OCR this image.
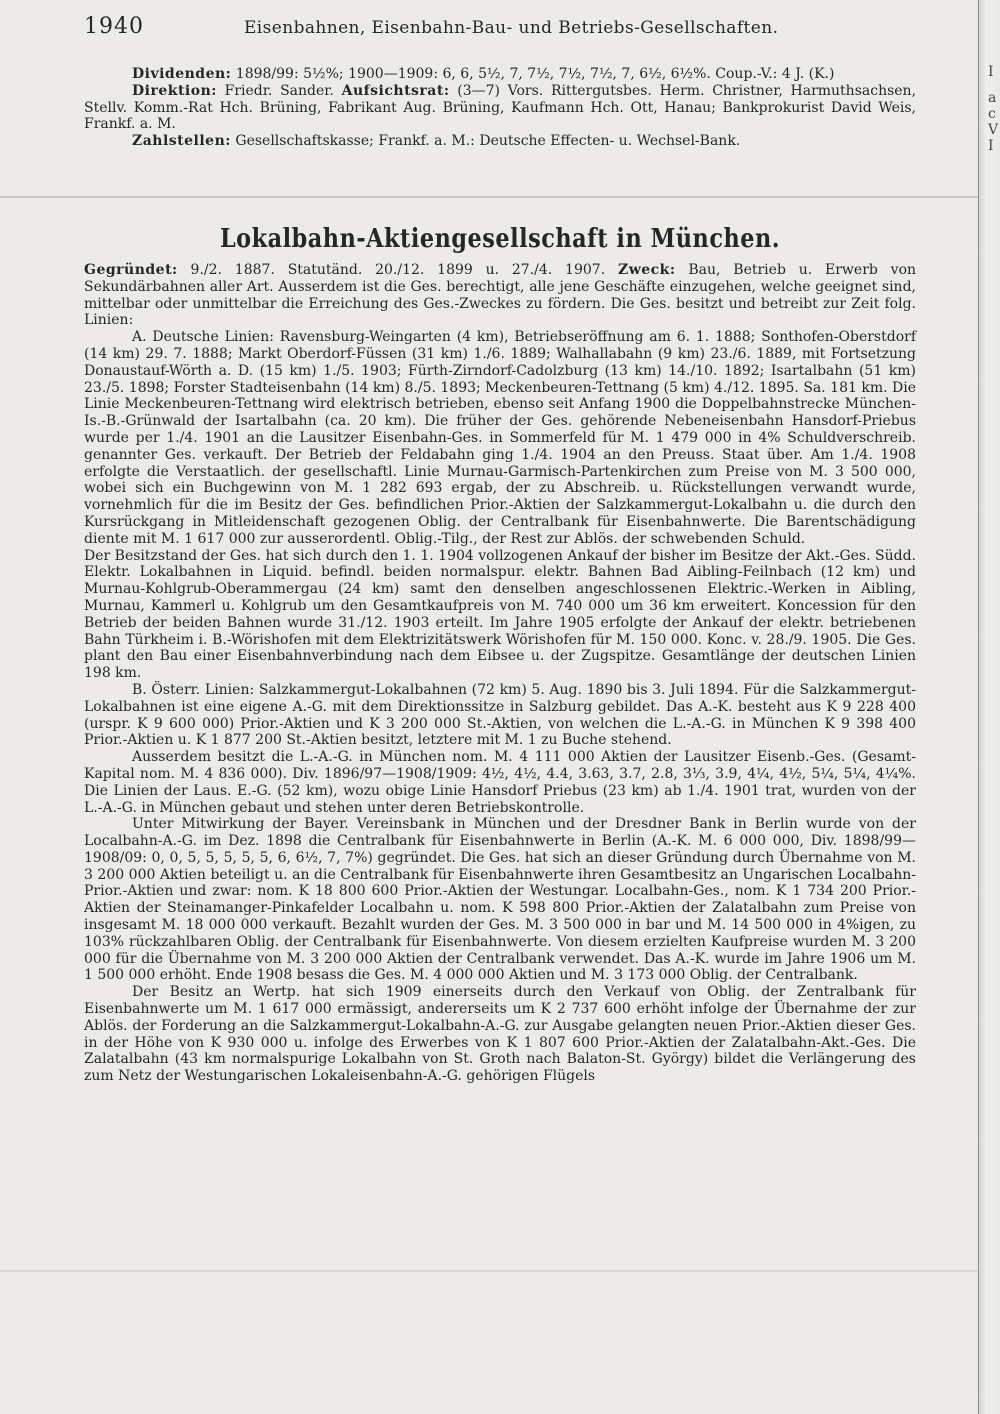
I
a
c
V
I
1940	Eisenbahnen, Eisenbahn-Bau- und Betriebs-Gesellschaften.

Dividenden: 1898/99: 5½%; 1900—1909: 6, 6, 5½, 7, 7½, 7½, 7½, 7, 6½, 6½%. Coup.-V.: 4 J. (K.)

Direktion: Friedr. Sander. Aufsichtsrat: (3—7) Vors. Rittergutsbes. Herm. Christner, Harmuthsachsen, Stellv. Komm.-Rat Hch. Brüning, Fabrikant Aug. Brüning, Kaufmann Hch. Ott, Hanau; Bankprokurist David Weis, Frankf. a. M.

Zahlstellen: Gesellschaftskasse; Frankf. a. M.: Deutsche Effecten- u. Wechsel-Bank.

Lokalbahn-Aktiengesellschaft in München.

Gegründet: 9./2. 1887. Statutänd. 20./12. 1899 u. 27./4. 1907. Zweck: Bau, Betrieb u. Erwerb von Sekundärbahnen aller Art. Ausserdem ist die Ges. berechtigt, alle jene Geschäfte einzugehen, welche geeignet sind, mittelbar oder unmittelbar die Erreichung des Ges.-Zweckes zu fördern. Die Ges. besitzt und betreibt zur Zeit folg. Linien:

A. Deutsche Linien: Ravensburg-Weingarten (4 km), Betriebseröffnung am 6. 1. 1888; Sonthofen-Oberstdorf (14 km) 29. 7. 1888; Markt Oberdorf-Füssen (31 km) 1./6. 1889; Walhallabahn (9 km) 23./6. 1889, mit Fortsetzung Donaustauf-Wörth a. D. (15 km) 1./5. 1903; Fürth-Zirndorf-Cadolzburg (13 km) 14./10. 1892; Isartalbahn (51 km) 23./5. 1898; Forster Stadteisenbahn (14 km) 8./5. 1893; Meckenbeuren-Tettnang (5 km) 4./12. 1895. Sa. 181 km. Die Linie Meckenbeuren-Tettnang wird elektrisch betrieben, ebenso seit Anfang 1900 die Doppelbahnstrecke München-Is.-B.-Grünwald der Isartalbahn (ca. 20 km). Die früher der Ges. gehörende Nebeneisenbahn Hansdorf-Priebus wurde per 1./4. 1901 an die Lausitzer Eisenbahn-Ges. in Sommerfeld für M. 1 479 000 in 4% Schuldverschreib. genannter Ges. verkauft. Der Betrieb der Feldabahn ging 1./4. 1904 an den Preuss. Staat über. Am 1./4. 1908 erfolgte die Verstaatlich. der gesellschaftl. Linie Murnau-Garmisch-Partenkirchen zum Preise von M. 3 500 000, wobei sich ein Buchgewinn von M. 1 282 693 ergab, der zu Abschreib. u. Rückstellungen verwandt wurde, vornehmlich für die im Besitz der Ges. befindlichen Prior.-Aktien der Salzkammergut-Lokalbahn u. die durch den Kursrückgang in Mitleidenschaft gezogenen Oblig. der Centralbank für Eisenbahnwerte. Die Barentschädigung diente mit M. 1 617 000 zur ausserordentl. Oblig.-Tilg., der Rest zur Ablös. der schwebenden Schuld.

Der Besitzstand der Ges. hat sich durch den 1. 1. 1904 vollzogenen Ankauf der bisher im Besitze der Akt.-Ges. Südd. Elektr. Lokalbahnen in Liquid. befindl. beiden normalspur. elektr. Bahnen Bad Aibling-Feilnbach (12 km) und Murnau-Kohlgrub-Oberammergau (24 km) samt den denselben angeschlossenen Elektric.-Werken in Aibling, Murnau, Kammerl u. Kohlgrub um den Gesamtkaufpreis von M. 740 000 um 36 km erweitert. Koncession für den Betrieb der beiden Bahnen wurde 31./12. 1903 erteilt. Im Jahre 1905 erfolgte der Ankauf der elektr. betriebenen Bahn Türkheim i. B.-Wörishofen mit dem Elektrizitätswerk Wörishofen für M. 150 000. Konc. v. 28./9. 1905. Die Ges. plant den Bau einer Eisenbahnverbindung nach dem Eibsee u. der Zugspitze. Gesamtlänge der deutschen Linien 198 km.

B. Österr. Linien: Salzkammergut-Lokalbahnen (72 km) 5. Aug. 1890 bis 3. Juli 1894. Für die Salzkammergut-Lokalbahnen ist eine eigene A.-G. mit dem Direktionssitze in Salzburg gebildet. Das A.-K. besteht aus K 9 228 400 (urspr. K 9 600 000) Prior.-Aktien und K 3 200 000 St.-Aktien, von welchen die L.-A.-G. in München K 9 398 400 Prior.-Aktien u. K 1 877 200 St.-Aktien besitzt, letztere mit M. 1 zu Buche stehend.

Ausserdem besitzt die L.-A.-G. in München nom. M. 4 111 000 Aktien der Lausitzer Eisenb.-Ges. (Gesamt-Kapital nom. M. 4 836 000). Div. 1896/97—1908/1909: 4½, 4½, 4.4, 3.63, 3.7, 2.8, 3⅓, 3.9, 4¼, 4½, 5¼, 5¼, 4¼%. Die Linien der Laus. E.-G. (52 km), wozu obige Linie Hansdorf Priebus (23 km) ab 1./4. 1901 trat, wurden von der L.-A.-G. in München gebaut und stehen unter deren Betriebskontrolle.

Unter Mitwirkung der Bayer. Vereinsbank in München und der Dresdner Bank in Berlin wurde von der Localbahn-A.-G. im Dez. 1898 die Centralbank für Eisenbahnwerte in Berlin (A.-K. M. 6 000 000, Div. 1898/99—1908/09: 0, 0, 5, 5, 5, 5, 5, 6, 6½, 7, 7%) gegründet. Die Ges. hat sich an dieser Gründung durch Übernahme von M. 3 200 000 Aktien beteiligt u. an die Centralbank für Eisenbahnwerte ihren Gesamtbesitz an Ungarischen Localbahn-Prior.-Aktien und zwar: nom. K 18 800 600 Prior.-Aktien der Westungar. Localbahn-Ges., nom. K 1 734 200 Prior.-Aktien der Steinamanger-Pinkafelder Localbahn u. nom. K 598 800 Prior.-Aktien der Zalatalbahn zum Preise von insgesamt M. 18 000 000 verkauft. Bezahlt wurden der Ges. M. 3 500 000 in bar und M. 14 500 000 in 4%igen, zu 103% rückzahlbaren Oblig. der Centralbank für Eisenbahnwerte. Von diesem erzielten Kaufpreise wurden M. 3 200 000 für die Übernahme von M. 3 200 000 Aktien der Centralbank verwendet. Das A.-K. wurde im Jahre 1906 um M. 1 500 000 erhöht. Ende 1908 besass die Ges. M. 4 000 000 Aktien und M. 3 173 000 Oblig. der Centralbank.

Der Besitz an Wertp. hat sich 1909 einerseits durch den Verkauf von Oblig. der Zentralbank für Eisenbahnwerte um M. 1 617 000 ermässigt, andererseits um K 2 737 600 erhöht infolge der Übernahme der zur Ablös. der Forderung an die Salzkammergut-Lokalbahn-A.-G. zur Ausgabe gelangten neuen Prior.-Aktien dieser Ges. in der Höhe von K 930 000 u. infolge des Erwerbes von K 1 807 600 Prior.-Aktien der Zalatalbahn-Akt.-Ges. Die Zalatalbahn (43 km normalspurige Lokalbahn von St. Groth nach Balaton-St. György) bildet die Verlängerung des zum Netz der Westungarischen Lokaleisenbahn-A.-G. gehörigen Flügels
